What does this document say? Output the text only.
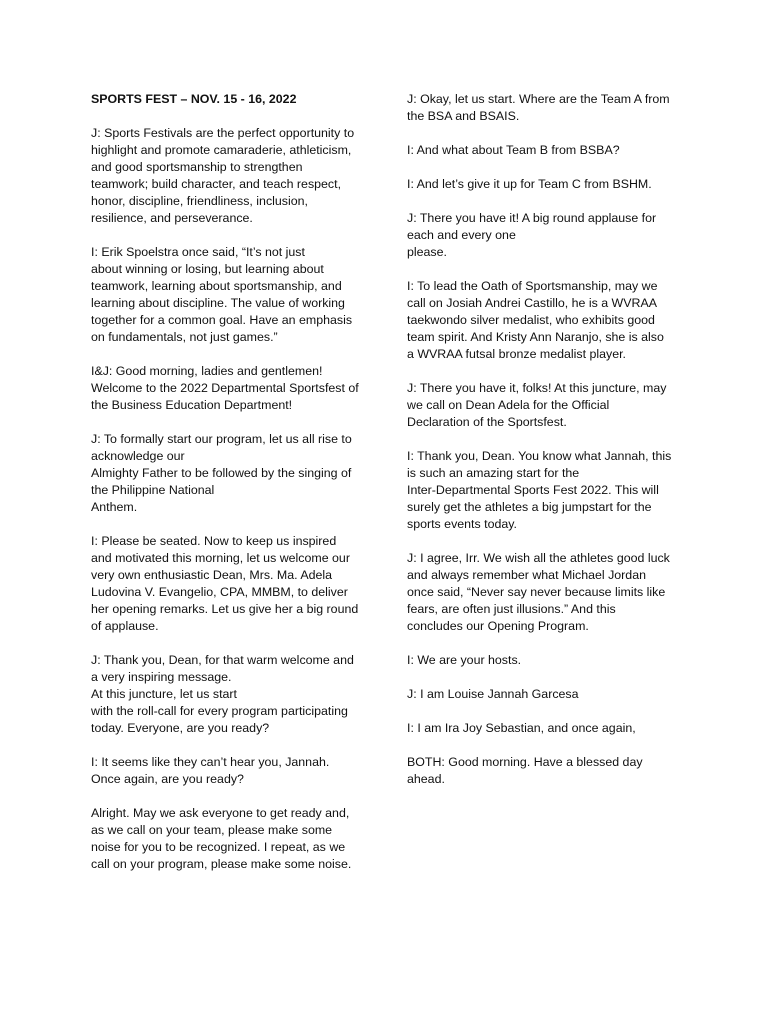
SPORTS FEST – NOV. 15 - 16, 2022

J: Sports Festivals are the perfect opportunity to
highlight and promote camaraderie, athleticism,
and good sportsmanship to strengthen
teamwork; build character, and teach respect,
honor, discipline, friendliness, inclusion,
resilience, and perseverance.

I: Erik Spoelstra once said, “It’s not just
about winning or losing, but learning about
teamwork, learning about sportsmanship, and
learning about discipline. The value of working
together for a common goal. Have an emphasis
on fundamentals, not just games.”

I&J: Good morning, ladies and gentlemen!
Welcome to the 2022 Departmental Sportsfest of
the Business Education Department!

J: To formally start our program, let us all rise to
acknowledge our
Almighty Father to be followed by the singing of
the Philippine National
Anthem.

I: Please be seated. Now to keep us inspired
and motivated this morning, let us welcome our
very own enthusiastic Dean, Mrs. Ma. Adela
Ludovina V. Evangelio, CPA, MMBM, to deliver
her opening remarks. Let us give her a big round
of applause.

J: Thank you, Dean, for that warm welcome and
a very inspiring message.
At this juncture, let us start
with the roll-call for every program participating
today. Everyone, are you ready?

I: It seems like they can’t hear you, Jannah.
Once again, are you ready?

Alright. May we ask everyone to get ready and,
as we call on your team, please make some
noise for you to be recognized. I repeat, as we
call on your program, please make some noise.

J: Okay, let us start. Where are the Team A from
the BSA and BSAIS.

I: And what about Team B from BSBA?

I: And let’s give it up for Team C from BSHM.

J: There you have it! A big round applause for
each and every one
please.

I: To lead the Oath of Sportsmanship, may we
call on Josiah Andrei Castillo, he is a WVRAA
taekwondo silver medalist, who exhibits good
team spirit. And Kristy Ann Naranjo, she is also
a WVRAA futsal bronze medalist player.

J: There you have it, folks! At this juncture, may
we call on Dean Adela for the Official
Declaration of the Sportsfest.

I: Thank you, Dean. You know what Jannah, this
is such an amazing start for the
Inter-Departmental Sports Fest 2022. This will
surely get the athletes a big jumpstart for the
sports events today.

J: I agree, Irr. We wish all the athletes good luck
and always remember what Michael Jordan
once said, “Never say never because limits like
fears, are often just illusions.” And this
concludes our Opening Program.

I: We are your hosts.

J: I am Louise Jannah Garcesa

I: I am Ira Joy Sebastian, and once again,

BOTH: Good morning. Have a blessed day
ahead.
